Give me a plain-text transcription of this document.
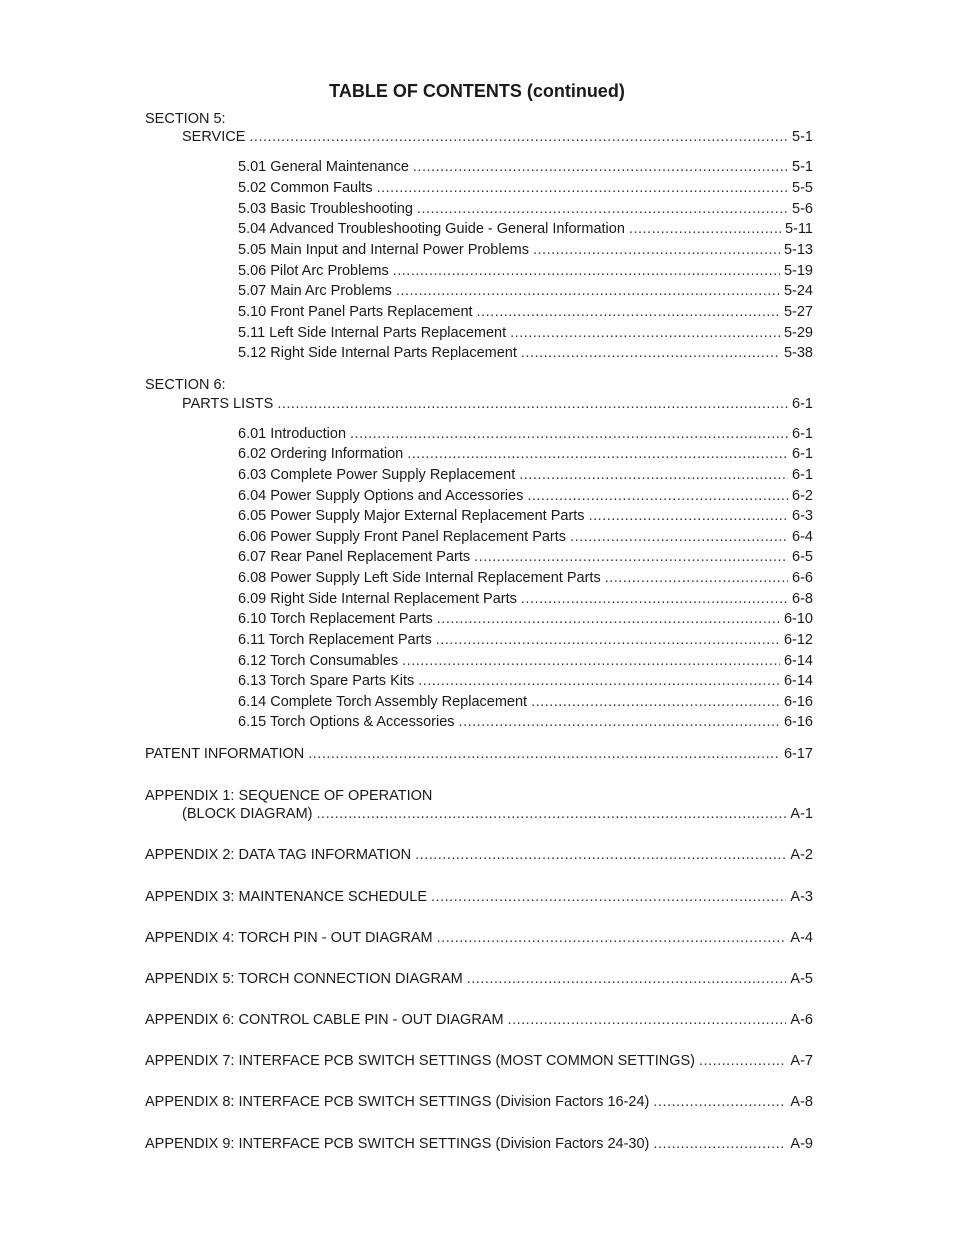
TABLE OF CONTENTS (continued)
SECTION 5:
SERVICE .....	5-1
5.01 General Maintenance .....	5-1
5.02 Common Faults .....	5-5
5.03 Basic Troubleshooting .....	5-6
5.04 Advanced Troubleshooting Guide - General Information .....	5-11
5.05 Main Input and Internal Power Problems .....	5-13
5.06 Pilot Arc Problems .....	5-19
5.07 Main Arc Problems .....	5-24
5.10 Front Panel Parts Replacement .....	5-27
5.11 Left Side Internal Parts Replacement .....	5-29
5.12 Right Side Internal Parts Replacement .....	5-38
SECTION 6:
PARTS LISTS .....	6-1
6.01 Introduction .....	6-1
6.02 Ordering Information .....	6-1
6.03 Complete Power Supply Replacement .....	6-1
6.04 Power Supply Options and Accessories .....	6-2
6.05 Power Supply Major External Replacement Parts .....	6-3
6.06 Power Supply Front Panel Replacement Parts .....	6-4
6.07 Rear Panel Replacement Parts .....	6-5
6.08 Power Supply Left Side Internal Replacement Parts .....	6-6
6.09 Right Side Internal Replacement Parts .....	6-8
6.10 Torch Replacement Parts .....	6-10
6.11 Torch Replacement Parts .....	6-12
6.12 Torch Consumables .....	6-14
6.13 Torch Spare Parts Kits .....	6-14
6.14 Complete Torch Assembly Replacement .....	6-16
6.15 Torch Options & Accessories .....	6-16
PATENT INFORMATION .....	6-17
APPENDIX 1: SEQUENCE OF OPERATION
(BLOCK DIAGRAM) .....	A-1
APPENDIX 2: DATA TAG INFORMATION .....	A-2
APPENDIX 3: MAINTENANCE SCHEDULE .....	A-3
APPENDIX 4: TORCH PIN - OUT DIAGRAM .....	A-4
APPENDIX 5: TORCH CONNECTION DIAGRAM .....	A-5
APPENDIX 6: CONTROL CABLE PIN - OUT DIAGRAM .....	A-6
APPENDIX 7: INTERFACE PCB SWITCH SETTINGS (MOST COMMON SETTINGS) .....	A-7
APPENDIX 8: INTERFACE PCB SWITCH SETTINGS (Division Factors 16-24) .....	A-8
APPENDIX 9: INTERFACE PCB SWITCH SETTINGS (Division Factors 24-30) .....	A-9
